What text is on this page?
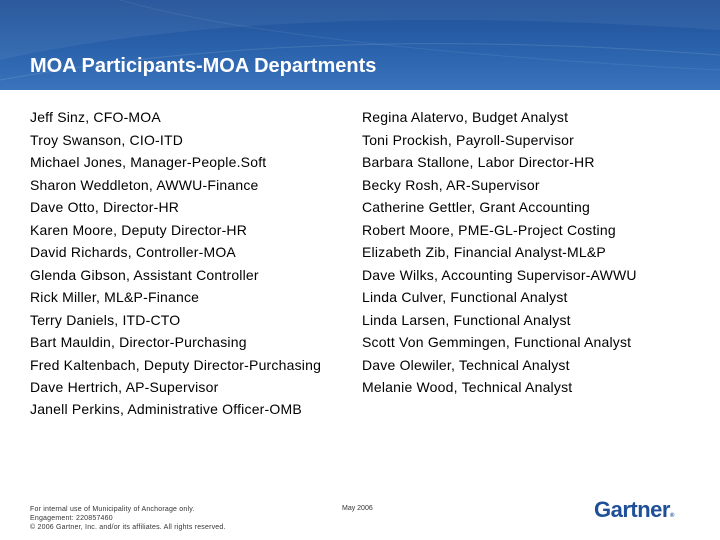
MOA Participants-MOA Departments
Jeff Sinz, CFO-MOA
Troy Swanson, CIO-ITD
Michael Jones, Manager-People.Soft
Sharon Weddleton, AWWU-Finance
Dave Otto, Director-HR
Karen Moore, Deputy Director-HR
David Richards, Controller-MOA
Glenda Gibson, Assistant Controller
Rick Miller, ML&P-Finance
Terry Daniels, ITD-CTO
Bart Mauldin, Director-Purchasing
Fred Kaltenbach, Deputy Director-Purchasing
Dave Hertrich, AP-Supervisor
Janell Perkins, Administrative Officer-OMB
Regina Alatervo, Budget Analyst
Toni Prockish, Payroll-Supervisor
Barbara Stallone, Labor Director-HR
Becky Rosh, AR-Supervisor
Catherine Gettler, Grant Accounting
Robert Moore, PME-GL-Project Costing
Elizabeth Zib, Financial Analyst-ML&P
Dave Wilks, Accounting Supervisor-AWWU
Linda Culver, Functional Analyst
Linda Larsen, Functional Analyst
Scott Von Gemmingen, Functional Analyst
Dave Olewiler, Technical Analyst
Melanie Wood, Technical Analyst
For internal use of Municipality of Anchorage only.
Engagement: 220857460
© 2006 Gartner, Inc. and/or its affiliates. All rights reserved.
May 2006	Gartner®
